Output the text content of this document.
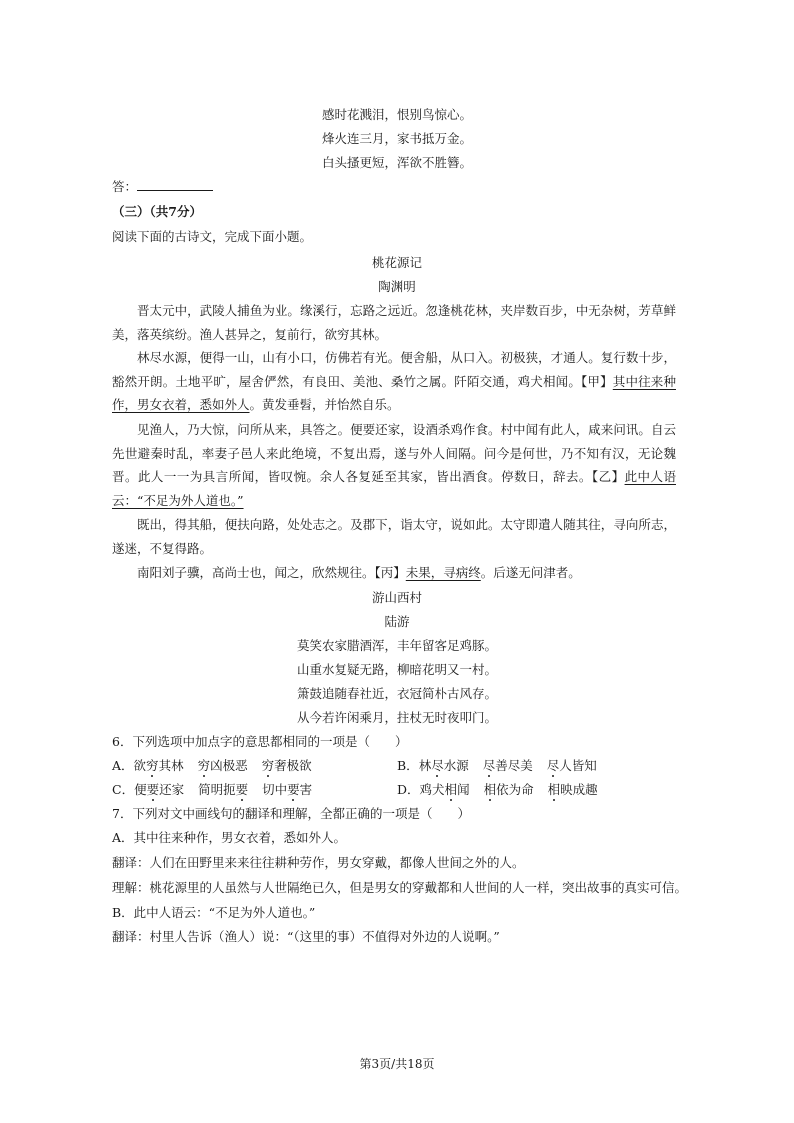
感时花溅泪，恨别鸟惊心。
烽火连三月，家书抵万金。
白头搔更短，浑欲不胜簪。
答：
（三）（共7分）
阅读下面的古诗文，完成下面小题。
桃花源记
陶渊明
晋太元中，武陵人捕鱼为业。缘溪行，忘路之远近。忽逢桃花林，夹岸数百步，中无杂树，芳草鲜美，落英缤纷。渔人甚异之，复前行，欲穷其林。
林尽水源，便得一山，山有小口，仿佛若有光。便舍船，从口入。初极狭，才通人。复行数十步，豁然开朗。土地平旷，屋舍俨然，有良田、美池、桑竹之属。阡陌交通，鸡犬相闻。【甲】其中往来种作，男女衣着，悉如外人。黄发垂髫，并怡然自乐。
见渔人，乃大惊，问所从来，具答之。便要还家，设酒杀鸡作食。村中闻有此人，咸来问讯。自云先世避秦时乱，率妻子邑人来此绝境，不复出焉，遂与外人间隔。问今是何世，乃不知有汉，无论魏晋。此人一一为具言所闻，皆叹惋。余人各复延至其家，皆出酒食。停数日，辞去。【乙】此中人语云：“不足为外人道也。”
既出，得其船，便扶向路，处处志之。及郡下，诣太守，说如此。太守即遣人随其往，寻向所志，遂迷，不复得路。
南阳刘子骥，高尚士也，闻之，欣然规往。【丙】未果，寻病终。后遂无问津者。
游山西村
陆游
莫笑农家腊酒浑，丰年留客足鸡豚。
山重水复疑无路，柳暗花明又一村。
箫鼓追随春社近，衣冠简朴古风存。
从今若许闲乘月，拄杖无时夜叩门。
6．下列选项中加点字的意思都相同的一项是（　　）
A．欲穷其林 穷凶极恶 穷奢极欲	B．林尽水源 尽善尽美 尽人皆知
C．便要还家 简明扼要 切中要害	D．鸡犬相闻 相依为命 相映成趣
7．下列对文中画线句的翻译和理解，全都正确的一项是（　　）
A．其中往来种作，男女衣着，悉如外人。
翻译：人们在田野里来来往往耕种劳作，男女穿戴，都像人世间之外的人。
理解：桃花源里的人虽然与人世隔绝已久，但是男女的穿戴都和人世间的人一样，突出故事的真实可信。
B．此中人语云：“不足为外人道也。”
翻译：村里人告诉（渔人）说：“（这里的事）不值得对外边的人说啊。”
第3页/共18页
